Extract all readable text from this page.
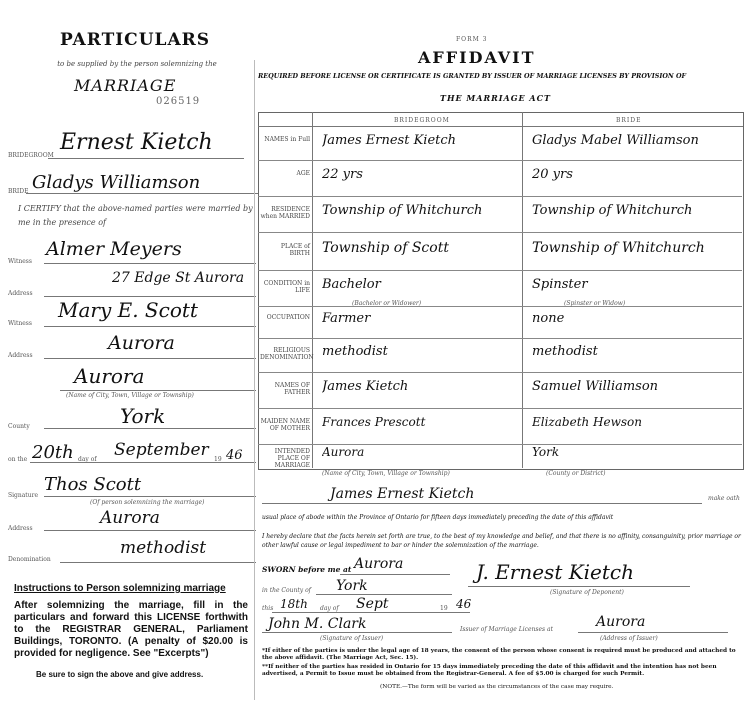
PARTICULARS
to be supplied by the person solemnizing the
MARRIAGE
026519
BRIDEGROOM
Ernest Kietch
BRIDE Gladys Williamson
I CERTIFY that the above-named parties were married by me in the presence of
Witness
Almer Meyers
Address
27 Edge St Aurora
Witness
Mary E. Scott
Address
Aurora
Aurora
(Name of City, Town, Village or Township)
County	York
on the 20th day of September 19 46
Signature
Thos Scott
(Of person solemnizing the marriage)
Address
Aurora
Denomination
methodist
Instructions to Person solemnizing marriage
After solemnizing the marriage, fill in the particulars and forward this LICENSE forthwith to the REGISTRAR GENERAL, Parliament Buildings, TORONTO. (A penalty of $20.00 is provided for negligence. See "Excerpts")
Be sure to sign the above and give address.
FORM 3
AFFIDAVIT
REQUIRED BEFORE LICENSE OR CERTIFICATE IS GRANTED BY ISSUER OF MARRIAGE LICENSES BY PROVISION OF
THE MARRIAGE ACT
BRIDEGROOM	BRIDE
NAMES in Full James Ernest Kietch	Gladys Mabel Williamson
AGE 22 yrs	20 yrs
RESIDENCE when MARRIED Township of Whitchurch	Township of Whitchurch
PLACE of BIRTH Township of Scott	Township of Whitchurch
CONDITION in LIFE Bachelor	Spinster
OCCUPATION Farmer	none
RELIGIOUS DENOMINATION methodist	methodist
NAMES OF FATHER James Kietch	Samuel Williamson
MAIDEN NAME OF MOTHER Frances Prescott	Elizabeth Hewson
INTENDED PLACE OF MARRIAGE
Aurora	York
(Bachelor or Widower)	(Spinster or Widow)
(Name of City, Town, Village or Township)	(County or District)
James Ernest Kietch	make oath
usual place of abode within the Province of Ontario for fifteen days immediately preceding the date of this affidavit
I hereby declare that the facts herein set forth are true, to the best of my knowledge and belief, and that there is no affinity, consanguinity, prior marriage or other lawful cause or legal impediment to bar or hinder the solemnization of the marriage.
SWORN before me at Aurora
in the County of York
J. Ernest Kietch
(Signature of Deponent)
this 18th day of Sept	19 46
John M. Clark
(Signature of Issuer)
Issuer of Marriage Licenses at	Aurora
(Address of Issuer)
*If either of the parties is under the legal age of 18 years, the consent of the person whose consent is required must be produced and attached to the above affidavit. (The Marriage Act, Sec. 15).
**If neither of the parties has resided in Ontario for 15 days immediately preceding the date of this affidavit and the intention has not been advertised, a Permit to Issue must be obtained from the Registrar-General. A fee of $5.00 is charged for such Permit.
(NOTE.—The form will be varied as the circumstances of the case may require.
